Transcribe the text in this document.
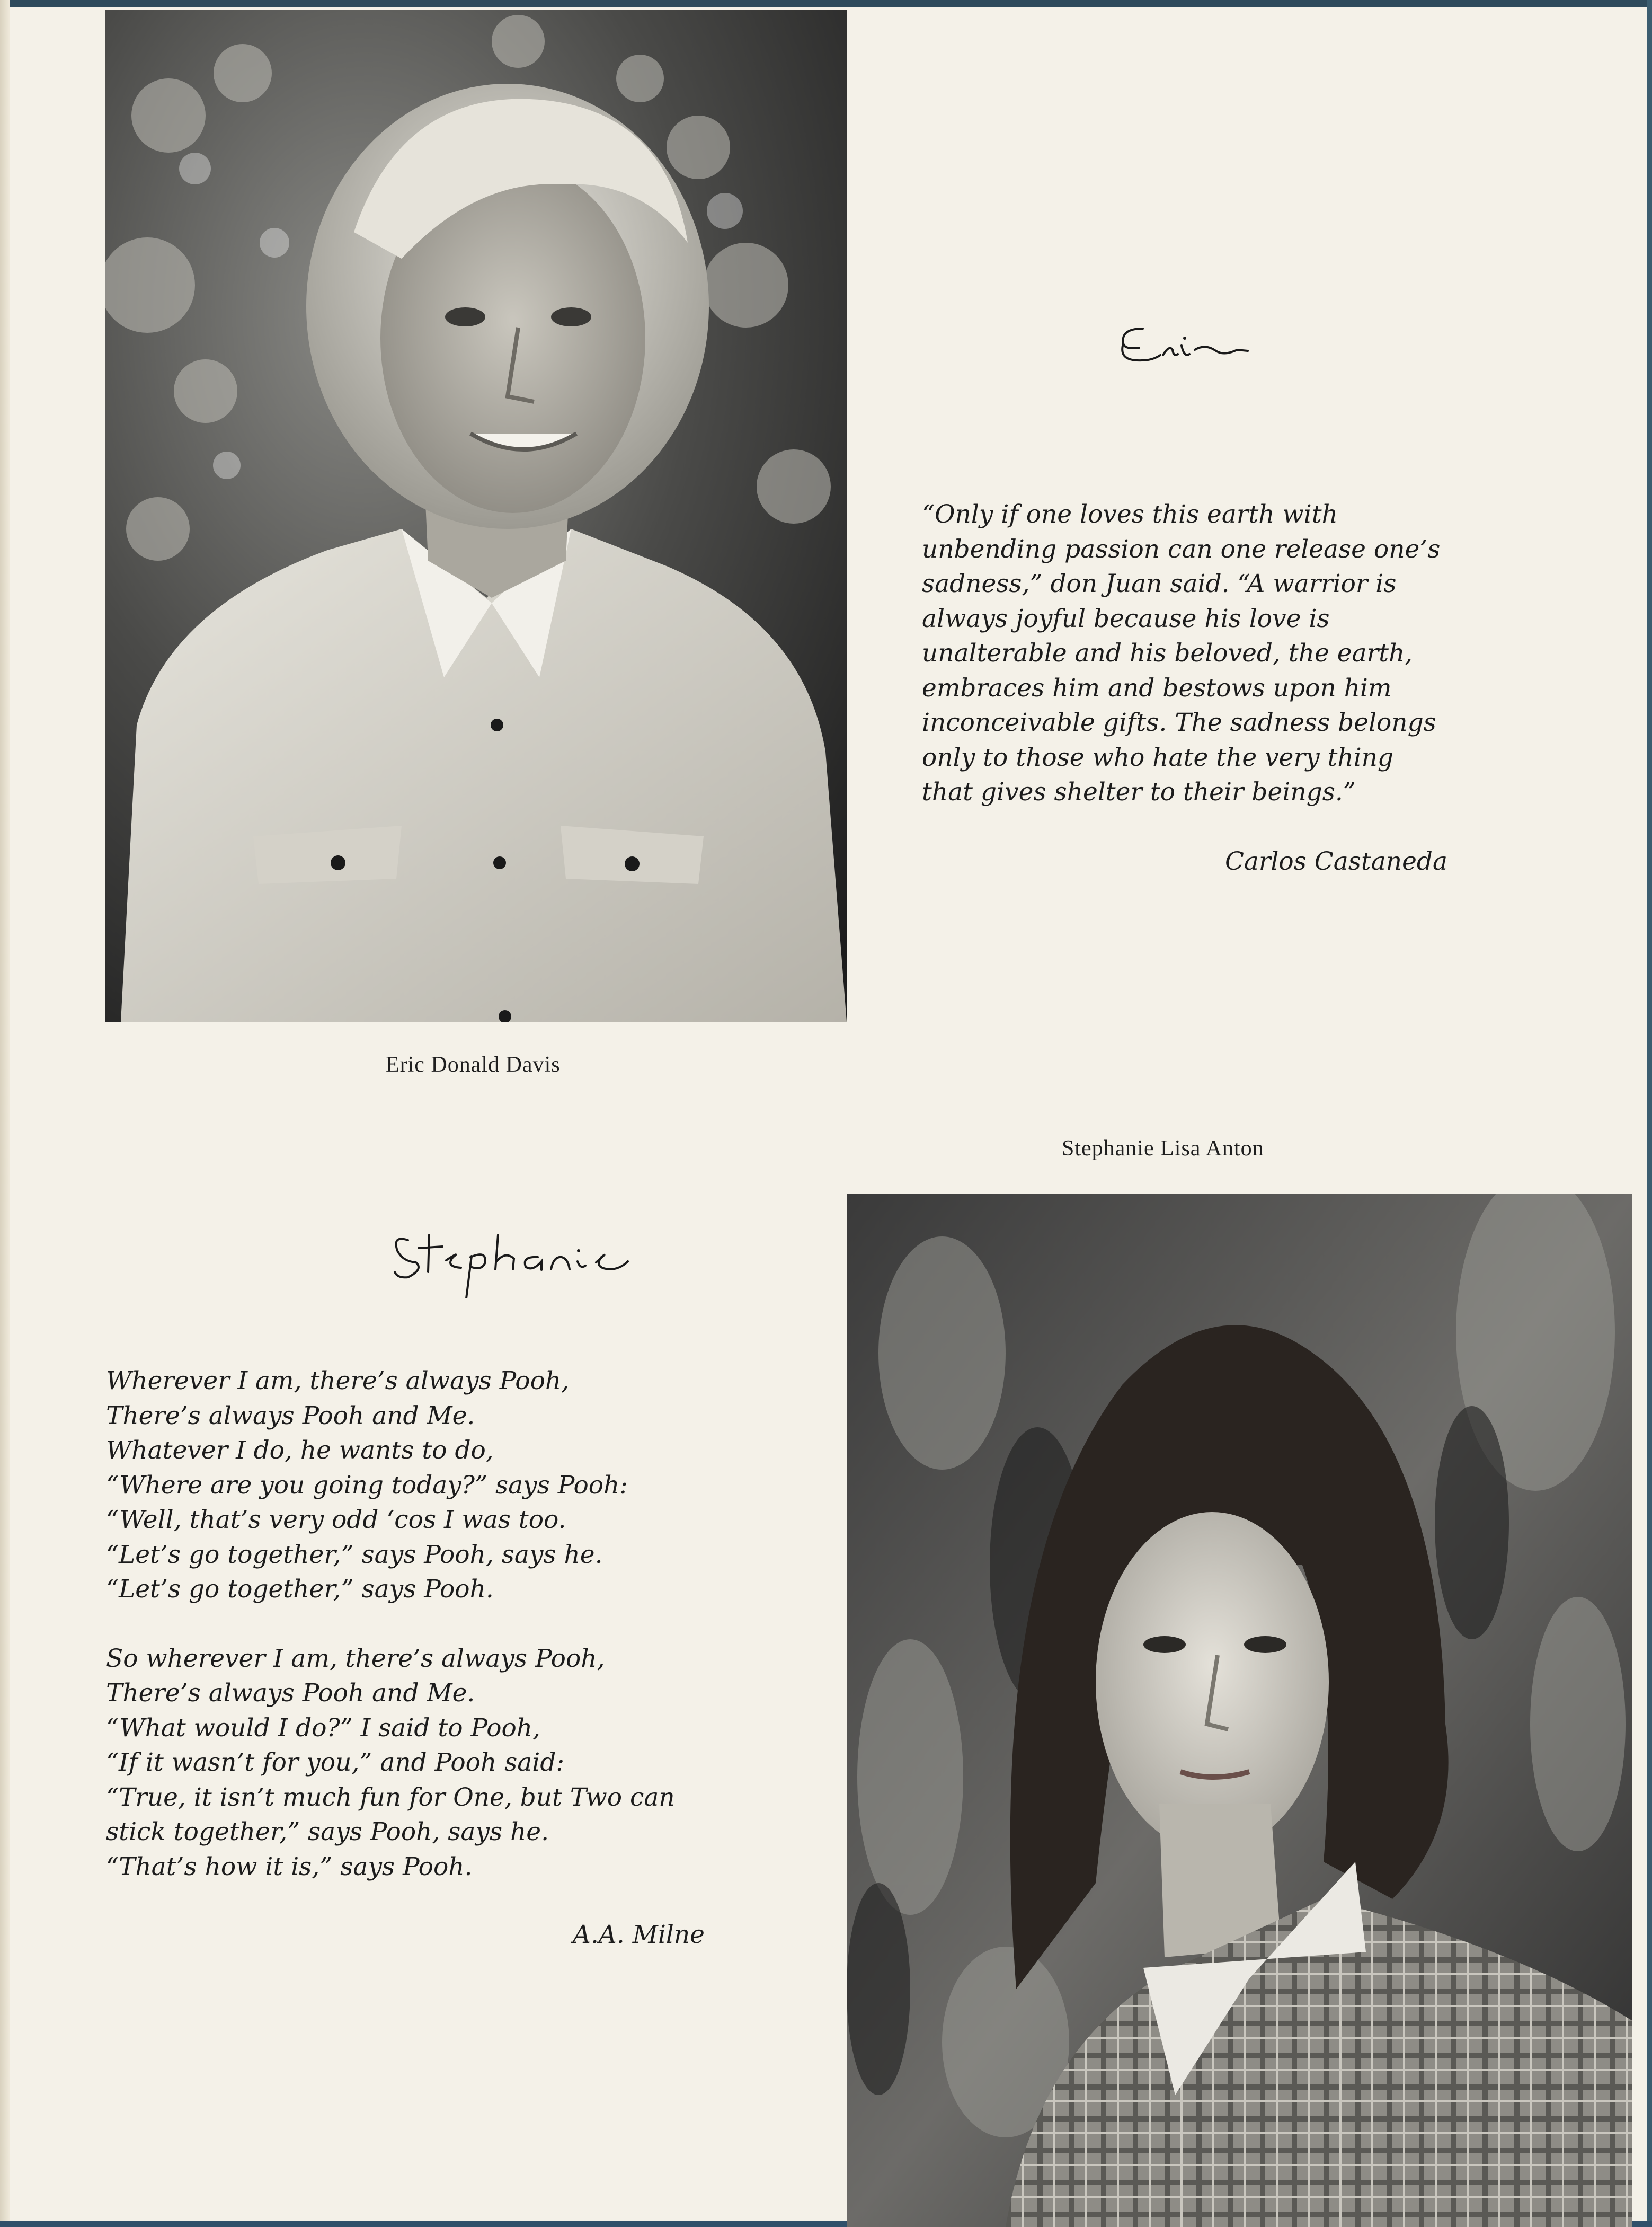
“Only if one loves this earth with
unbending passion can one release one’s
sadness,” don Juan said. “A warrior is
always joyful because his love is
unalterable and his beloved, the earth,
embraces him and bestows upon him
inconceivable gifts. The sadness belongs
only to those who hate the very thing
that gives shelter to their beings.”
Carlos Castaneda
Eric Donald Davis
Stephanie Lisa Anton
Wherever I am, there’s always Pooh,
There’s always Pooh and Me.
Whatever I do, he wants to do,
“Where are you going today?” says Pooh:
“Well, that’s very odd ‘cos I was too.
“Let’s go together,” says Pooh, says he.
“Let’s go together,” says Pooh.
So wherever I am, there’s always Pooh,
There’s always Pooh and Me.
“What would I do?” I said to Pooh,
“If it wasn’t for you,” and Pooh said:
“True, it isn’t much fun for One, but Two can
stick together,” says Pooh, says he.
“That’s how it is,” says Pooh.
A.A. Milne
